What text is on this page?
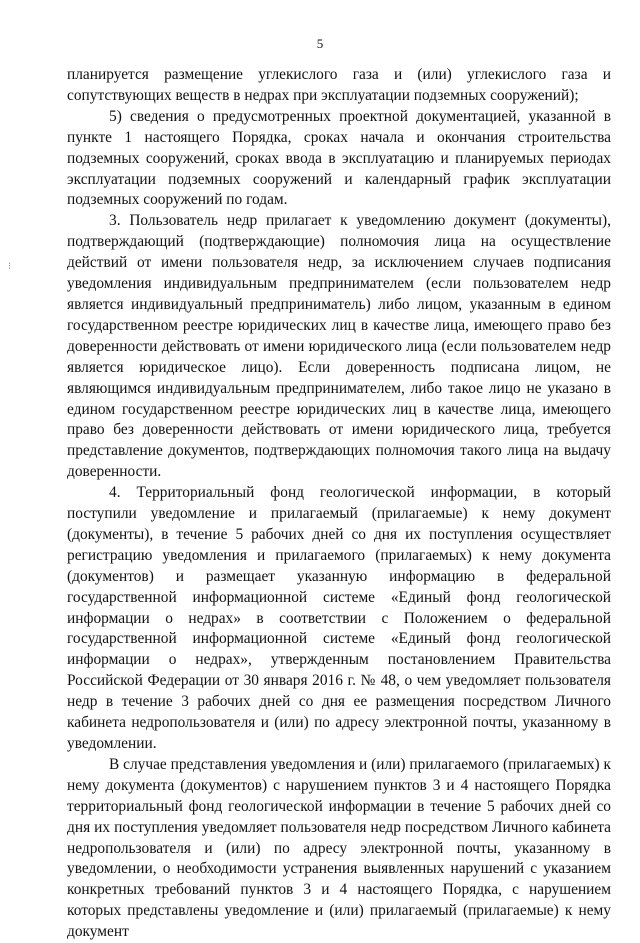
5
⁝

планируется размещение углекислого газа и (или) углекислого газа и сопутствующих веществ в недрах при эксплуатации подземных сооружений);

5) сведения о предусмотренных проектной документацией, указанной в пункте 1 настоящего Порядка, сроках начала и окончания строительства подземных сооружений, сроках ввода в эксплуатацию и планируемых периодах эксплуатации подземных сооружений и календарный график эксплуатации подземных сооружений по годам.

3. Пользователь недр прилагает к уведомлению документ (документы), подтверждающий (подтверждающие) полномочия лица на осуществление действий от имени пользователя недр, за исключением случаев подписания уведомления индивидуальным предпринимателем (если пользователем недр является индивидуальный предприниматель) либо лицом, указанным в едином государственном реестре юридических лиц в качестве лица, имеющего право без доверенности действовать от имени юридического лица (если пользователем недр является юридическое лицо). Если доверенность подписана лицом, не являющимся индивидуальным предпринимателем, либо такое лицо не указано в едином государственном реестре юридических лиц в качестве лица, имеющего право без доверенности действовать от имени юридического лица, требуется представление документов, подтверждающих полномочия такого лица на выдачу доверенности.

4. Территориальный фонд геологической информации, в который поступили уведомление и прилагаемый (прилагаемые) к нему документ (документы), в течение 5 рабочих дней со дня их поступления осуществляет регистрацию уведомления и прилагаемого (прилагаемых) к нему документа (документов) и размещает указанную информацию в федеральной государственной информационной системе «Единый фонд геологической информации о недрах» в соответствии с Положением о федеральной государственной информационной системе «Единый фонд геологической информации о недрах», утвержденным постановлением Правительства Российской Федерации от 30 января 2016 г. № 48, о чем уведомляет пользователя недр в течение 3 рабочих дней со дня ее размещения посредством Личного кабинета недропользователя и (или) по адресу электронной почты, указанному в уведомлении.

В случае представления уведомления и (или) прилагаемого (прилагаемых) к нему документа (документов) с нарушением пунктов 3 и 4 настоящего Порядка территориальный фонд геологической информации в течение 5 рабочих дней со дня их поступления уведомляет пользователя недр посредством Личного кабинета недропользователя и (или) по адресу электронной почты, указанному в уведомлении, о необходимости устранения выявленных нарушений с указанием конкретных требований пунктов 3 и 4 настоящего Порядка, с нарушением которых представлены уведомление и (или) прилагаемый (прилагаемые) к нему документ
